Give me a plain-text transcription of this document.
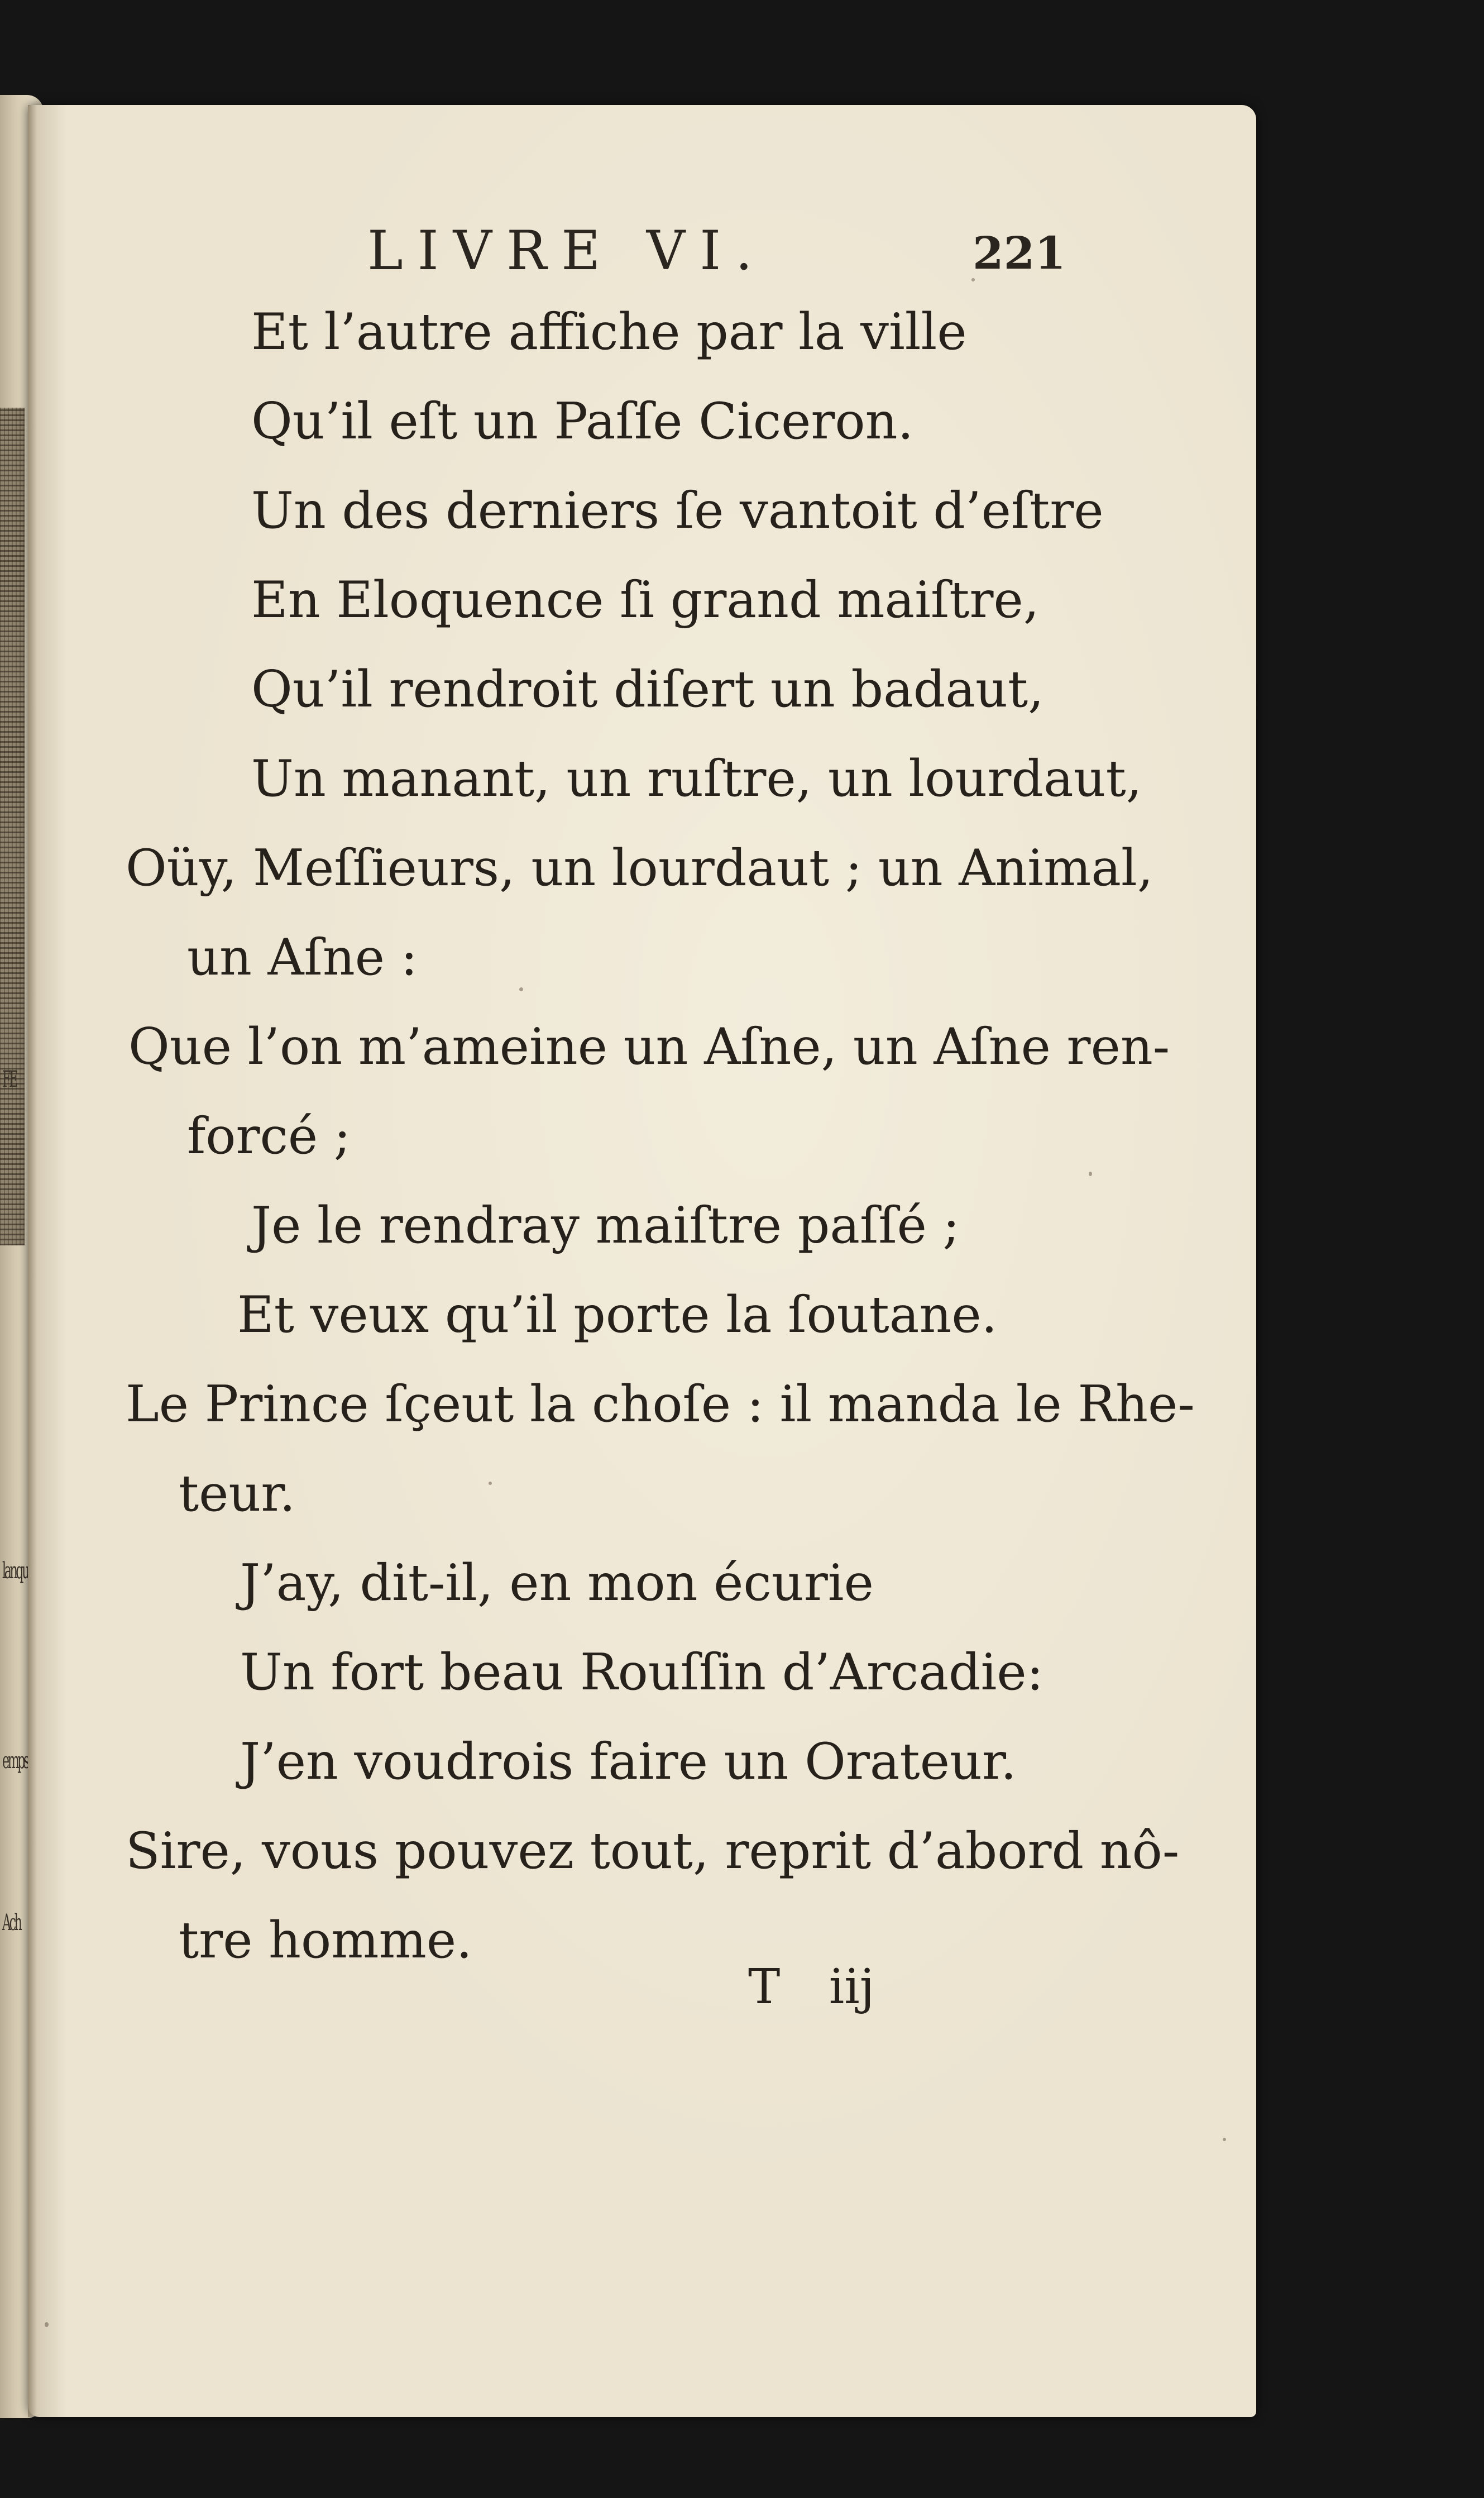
FE
lanqu
emps
Ach
LIVRE VI.	221
Et l’autre affiche par la ville
Qu’il eſt un Paſſe Ciceron.
Un des derniers ſe vantoit d’eſtre
En Eloquence ſi grand maiſtre,
Qu’il rendroit diſert un badaut,
Un manant, un ruſtre, un lourdaut,
Oüy, Meſſieurs, un lourdaut ; un Animal,
un Aſne :
Que l’on m’ameine un Aſne, un Aſne ren-
forcé ;
Je le rendray maiſtre paſſé ;
Et veux qu’il porte la ſoutane.
Le Prince ſçeut la choſe : il manda le Rhe-
teur.
J’ay, dit-il, en mon écurie
Un fort beau Rouſſin d’Arcadie:
J’en voudrois faire un Orateur.
Sire, vous pouvez tout, reprit d’abord nô-
tre homme.
T iij
